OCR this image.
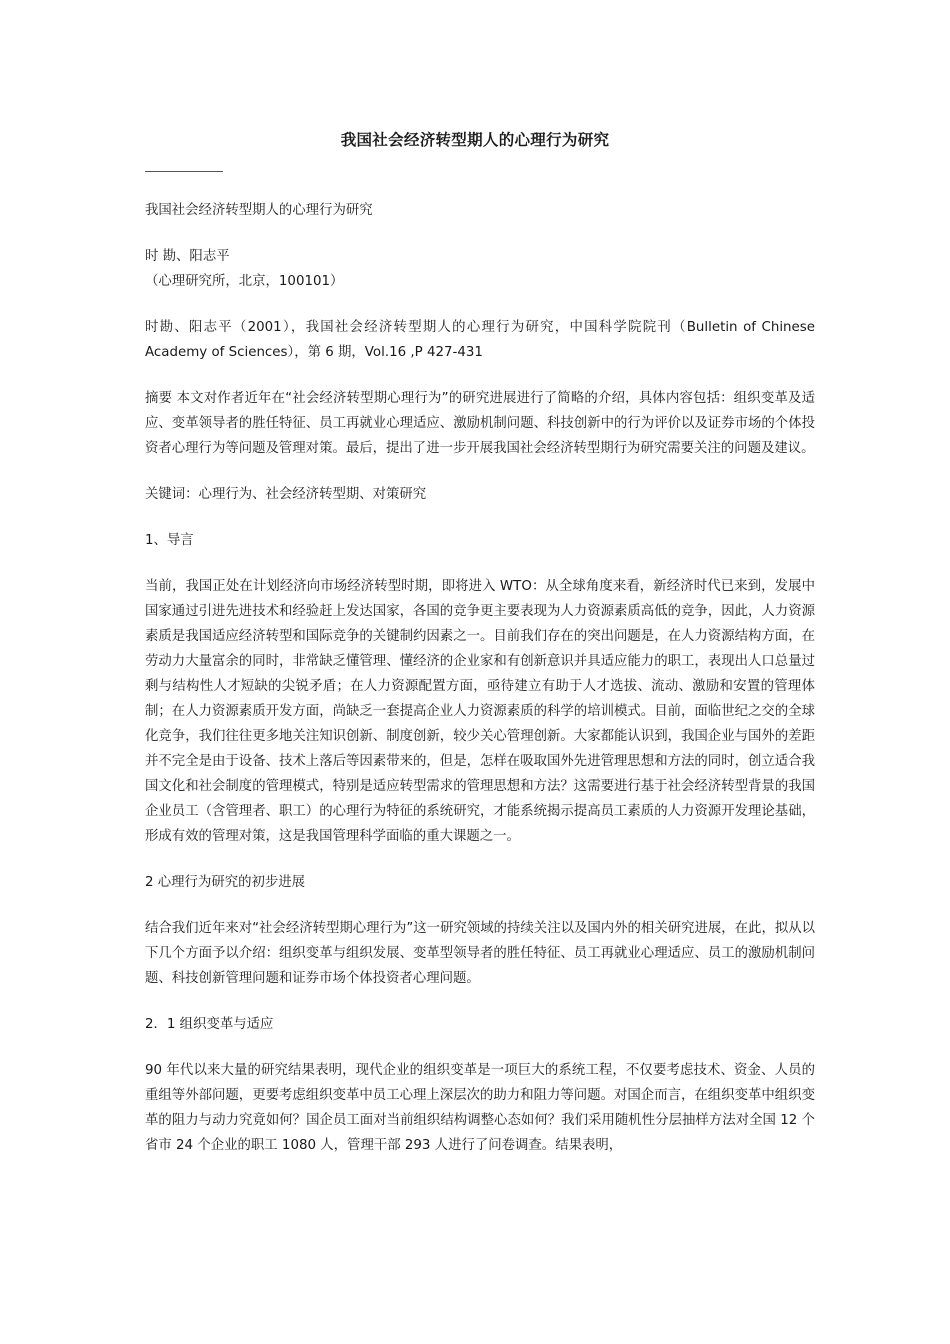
我国社会经济转型期人的心理行为研究

我国社会经济转型期人的心理行为研究

时 勘、阳志平

（心理研究所，北京，100101）

时勘、阳志平（2001），我国社会经济转型期人的心理行为研究，中国科学院院刊（Bulletin of Chinese Academy of Sciences），第 6 期，Vol.16 ,P 427-431

摘要 本文对作者近年在“社会经济转型期心理行为”的研究进展进行了简略的介绍，具体内容包括：组织变革及适应、变革领导者的胜任特征、员工再就业心理适应、激励机制问题、科技创新中的行为评价以及证券市场的个体投资者心理行为等问题及管理对策。最后，提出了进一步开展我国社会经济转型期行为研究需要关注的问题及建议。

关键词：心理行为、社会经济转型期、对策研究

1、导言

当前，我国正处在计划经济向市场经济转型时期，即将进入 WTO：从全球角度来看，新经济时代已来到，发展中国家通过引进先进技术和经验赶上发达国家，各国的竞争更主要表现为人力资源素质高低的竞争，因此，人力资源素质是我国适应经济转型和国际竞争的关键制约因素之一。目前我们存在的突出问题是，在人力资源结构方面，在劳动力大量富余的同时，非常缺乏懂管理、懂经济的企业家和有创新意识并具适应能力的职工，表现出人口总量过剩与结构性人才短缺的尖锐矛盾；在人力资源配置方面，亟待建立有助于人才选拔、流动、激励和安置的管理体制；在人力资源素质开发方面，尚缺乏一套提高企业人力资源素质的科学的培训模式。目前，面临世纪之交的全球化竞争，我们往往更多地关注知识创新、制度创新，较少关心管理创新。大家都能认识到，我国企业与国外的差距并不完全是由于设备、技术上落后等因素带来的，但是，怎样在吸取国外先进管理思想和方法的同时，创立适合我国文化和社会制度的管理模式，特别是适应转型需求的管理思想和方法？这需要进行基于社会经济转型背景的我国企业员工（含管理者、职工）的心理行为特征的系统研究，才能系统揭示提高员工素质的人力资源开发理论基础，形成有效的管理对策，这是我国管理科学面临的重大课题之一。

2 心理行为研究的初步进展

结合我们近年来对“社会经济转型期心理行为”这一研究领域的持续关注以及国内外的相关研究进展，在此，拟从以下几个方面予以介绍：组织变革与组织发展、变革型领导者的胜任特征、员工再就业心理适应、员工的激励机制问题、科技创新管理问题和证券市场个体投资者心理问题。

2．1 组织变革与适应

90 年代以来大量的研究结果表明，现代企业的组织变革是一项巨大的系统工程，不仅要考虑技术、资金、人员的重组等外部问题，更要考虑组织变革中员工心理上深层次的助力和阻力等问题。对国企而言，在组织变革中组织变革的阻力与动力究竟如何？国企员工面对当前组织结构调整心态如何？我们采用随机性分层抽样方法对全国 12 个省市 24 个企业的职工 1080 人，管理干部 293 人进行了问卷调查。结果表明，
